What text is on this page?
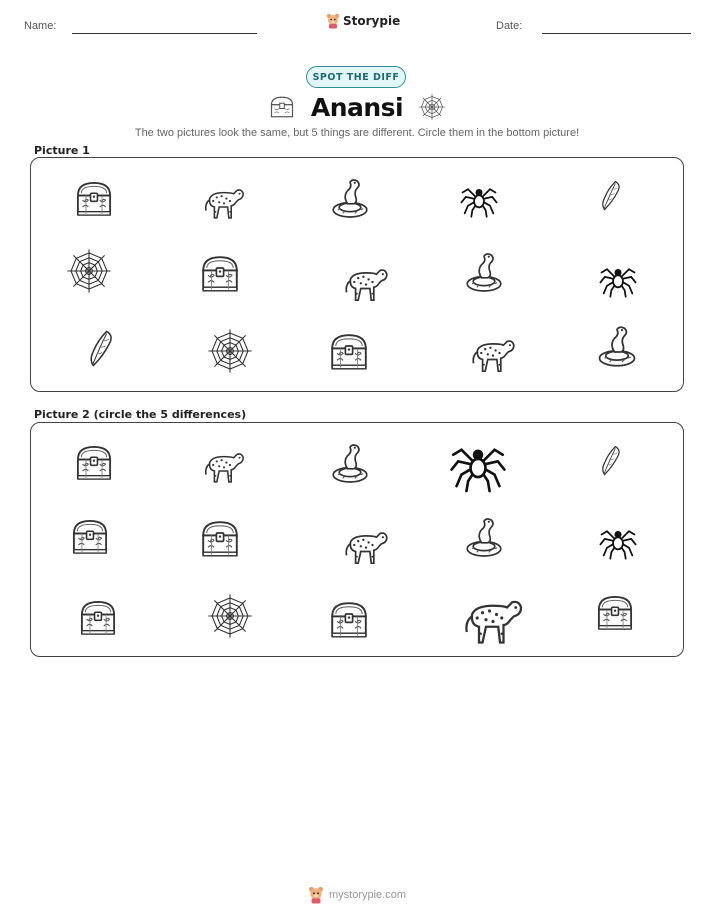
Name:	Storypie	Date:
SPOT THE DIFF
Anansi
The two pictures look the same, but 5 things are different. Circle them in the bottom picture!
Picture 1
Picture 2 (circle the 5 differences)
mystorypie.com
